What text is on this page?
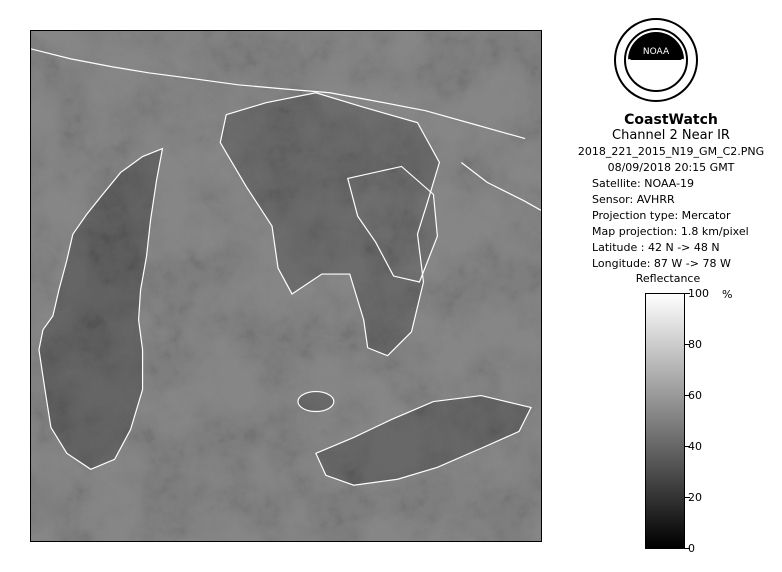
NOAA
CoastWatch
Channel 2 Near IR
2018_221_2015_N19_GM_C2.PNG
08/09/2018 20:15 GMT
Satellite: NOAA-19
Sensor: AVHRR
Projection type: Mercator
Map projection: 1.8 km/pixel
Latitude : 42 N -> 48 N
Longitude: 87 W -> 78 W
Reflectance
%
100
80
60
40
20
0
